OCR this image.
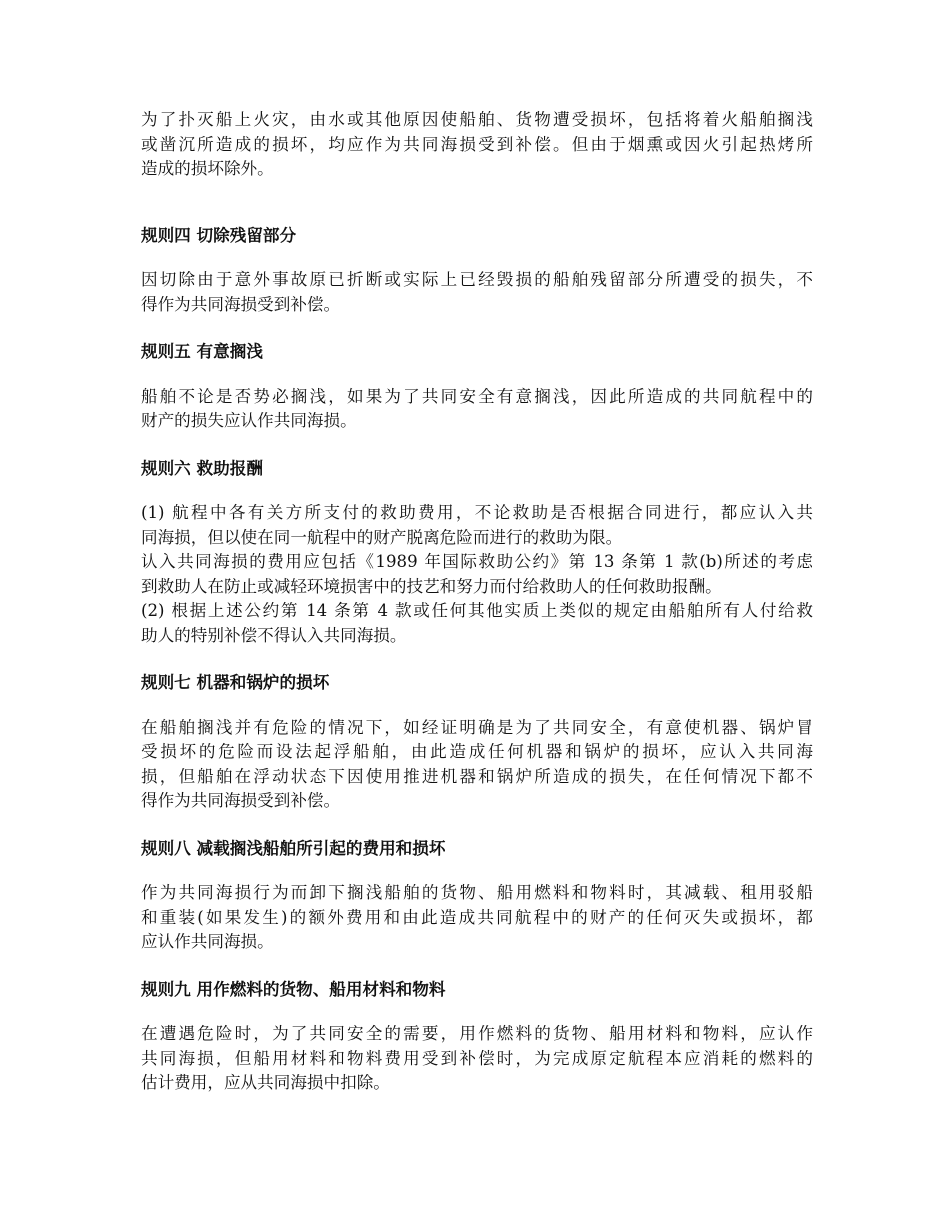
为了扑灭船上火灾，由水或其他原因使船舶、货物遭受损坏，包括将着火船舶搁浅
或凿沉所造成的损坏，均应作为共同海损受到补偿。但由于烟熏或因火引起热烤所
造成的损坏除外。

规则四 切除残留部分

因切除由于意外事故原已折断或实际上已经毁损的船舶残留部分所遭受的损失，不
得作为共同海损受到补偿。

规则五 有意搁浅

船舶不论是否势必搁浅，如果为了共同安全有意搁浅，因此所造成的共同航程中的
财产的损失应认作共同海损。

规则六 救助报酬

(1) 航程中各有关方所支付的救助费用，不论救助是否根据合同进行，都应认入共
同海损，但以使在同一航程中的财产脱离危险而进行的救助为限。
认入共同海损的费用应包括《1989 年国际救助公约》第 13 条第 1 款(b)所述的考虑
到救助人在防止或减轻环境损害中的技艺和努力而付给救助人的任何救助报酬。
(2) 根据上述公约第 14 条第 4 款或任何其他实质上类似的规定由船舶所有人付给救
助人的特别补偿不得认入共同海损。

规则七 机器和锅炉的损坏

在船舶搁浅并有危险的情况下，如经证明确是为了共同安全，有意使机器、锅炉冒
受损坏的危险而设法起浮船舶，由此造成任何机器和锅炉的损坏，应认入共同海
损，但船舶在浮动状态下因使用推进机器和锅炉所造成的损失，在任何情况下都不
得作为共同海损受到补偿。

规则八 减载搁浅船舶所引起的费用和损坏

作为共同海损行为而卸下搁浅船舶的货物、船用燃料和物料时，其减载、租用驳船
和重装(如果发生)的额外费用和由此造成共同航程中的财产的任何灭失或损坏，都
应认作共同海损。

规则九 用作燃料的货物、船用材料和物料

在遭遇危险时，为了共同安全的需要，用作燃料的货物、船用材料和物料，应认作
共同海损，但船用材料和物料费用受到补偿时，为完成原定航程本应消耗的燃料的
估计费用，应从共同海损中扣除。
